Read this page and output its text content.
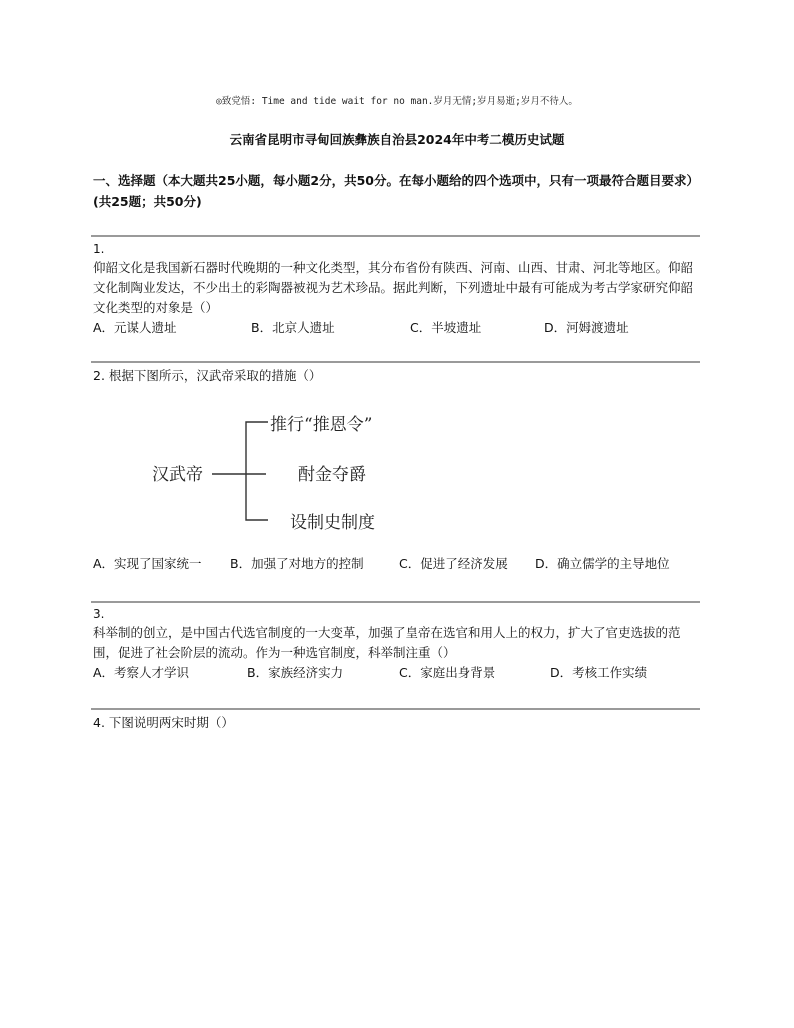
◎致党悟: Time and tide wait for no man.岁月无情;岁月易逝;岁月不待人。
云南省昆明市寻甸回族彝族自治县2024年中考二模历史试题
一、选择题（本大题共25小题，每小题2分，共50分。在每小题给的四个选项中，只有一项最符合题目要求）(共25题；共50分)
1.
仰韶文化是我国新石器时代晚期的一种文化类型，其分布省份有陕西、河南、山西、甘肃、河北等地区。仰韶文化制陶业发达，不少出土的彩陶器被视为艺术珍品。据此判断，下列遗址中最有可能成为考古学家研究仰韶文化类型的对象是（）
A．元谋人遗址	B．北京人遗址	C．半坡遗址	D．河姆渡遗址
2. 根据下图所示，汉武帝采取的措施（）
汉武帝
推行“推恩令”
酎金夺爵
设制史制度
A．实现了国家统一 B．加强了对地方的控制	C．促进了经济发展 D．确立儒学的主导地位
3.
科举制的创立，是中国古代选官制度的一大变革，加强了皇帝在选官和用人上的权力，扩大了官吏选拔的范围，促进了社会阶层的流动。作为一种选官制度，科举制注重（）
A．考察人才学识	B．家族经济实力	C．家庭出身背景	D．考核工作实绩
4. 下图说明两宋时期（）
